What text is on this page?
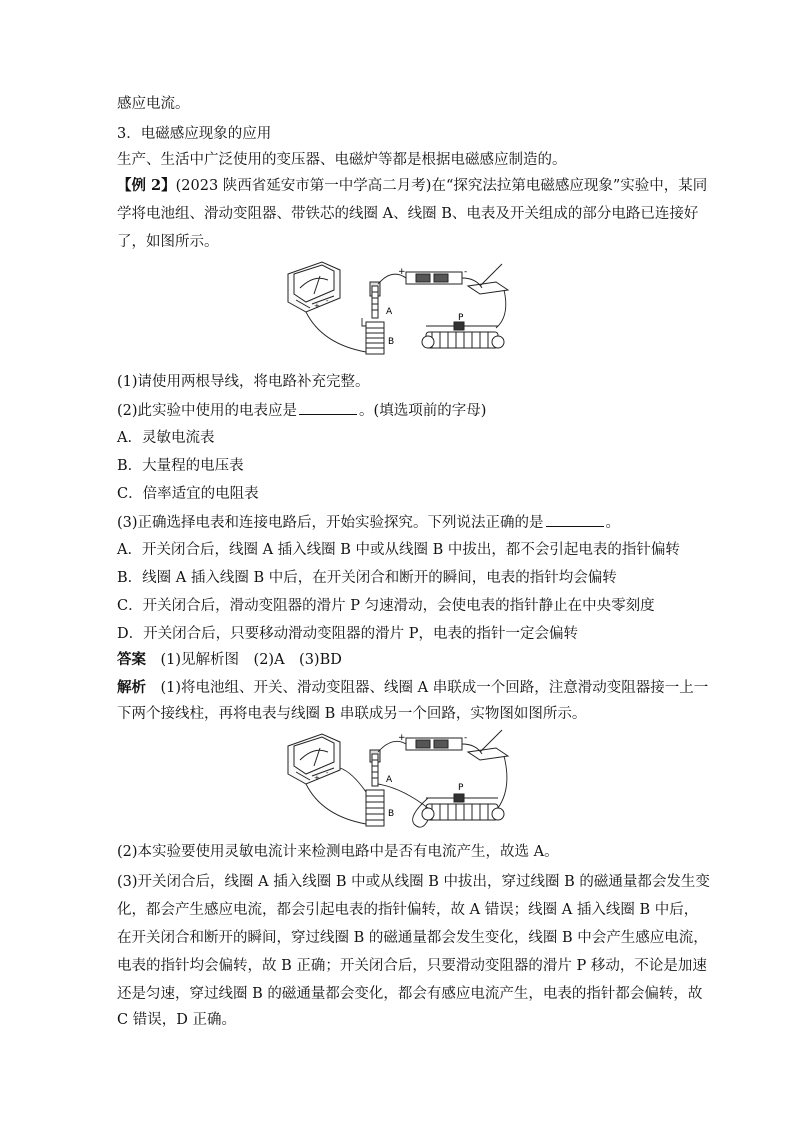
感应电流。
3．电磁感应现象的应用
生产、生活中广泛使用的变压器、电磁炉等都是根据电磁感应制造的。
【例 2】(2023 陕西省延安市第一中学高二月考)在“探究法拉第电磁感应现象”实验中，某同
学将电池组、滑动变阻器、带铁芯的线圈 A、线圈 B、电表及开关组成的部分电路已连接好
了，如图所示。
+
-
A
B
+	-
P
(1)请使用两根导线，将电路补充完整。
(2)此实验中使用的电表应是	。(填选项前的字母)
A．灵敏电流表
B．大量程的电压表
C．倍率适宜的电阻表
(3)正确选择电表和连接电路后，开始实验探究。下列说法正确的是	。
A．开关闭合后，线圈 A 插入线圈 B 中或从线圈 B 中拔出，都不会引起电表的指针偏转
B．线圈 A 插入线圈 B 中后，在开关闭合和断开的瞬间，电表的指针均会偏转
C．开关闭合后，滑动变阻器的滑片 P 匀速滑动，会使电表的指针静止在中央零刻度
D．开关闭合后，只要移动滑动变阻器的滑片 P，电表的指针一定会偏转
答案　 (1)见解析图　(2)A　(3)BD
解析　 (1)将电池组、开关、滑动变阻器、线圈 A 串联成一个回路，注意滑动变阻器接一上一
下两个接线柱，再将电表与线圈 B 串联成另一个回路，实物图如图所示。
+
-
A
B
+	-
P
(2)本实验要使用灵敏电流计来检测电路中是否有电流产生，故选 A。
(3)开关闭合后，线圈 A 插入线圈 B 中或从线圈 B 中拔出，穿过线圈 B 的磁通量都会发生变
化，都会产生感应电流，都会引起电表的指针偏转，故 A 错误；线圈 A 插入线圈 B 中后，
在开关闭合和断开的瞬间，穿过线圈 B 的磁通量都会发生变化，线圈 B 中会产生感应电流，
电表的指针均会偏转，故 B 正确；开关闭合后，只要滑动变阻器的滑片 P 移动，不论是加速
还是匀速，穿过线圈 B 的磁通量都会变化，都会有感应电流产生，电表的指针都会偏转，故
C 错误，D 正确。
